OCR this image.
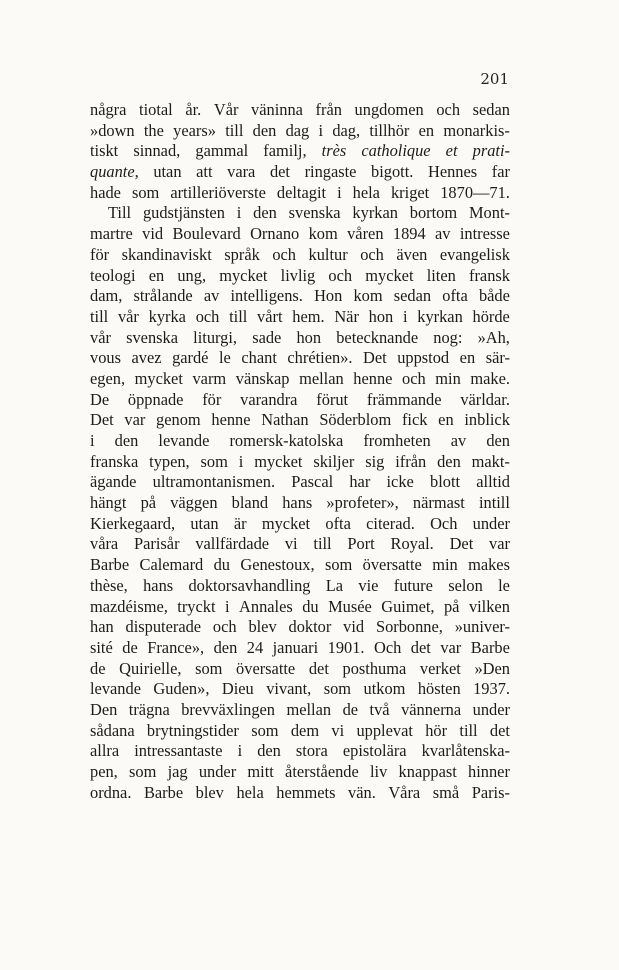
201
några tiotal år. Vår väninna från ungdomen och sedan
»down the years» till den dag i dag, tillhör en monarkis-
tiskt sinnad, gammal familj, très catholique et prati-
quante, utan att vara det ringaste bigott. Hennes far
hade som artilleriöverste deltagit i hela kriget 1870—71.
Till gudstjänsten i den svenska kyrkan bortom Mont-
martre vid Boulevard Ornano kom våren 1894 av intresse
för skandinaviskt språk och kultur och även evangelisk
teologi en ung, mycket livlig och mycket liten fransk
dam, strålande av intelligens. Hon kom sedan ofta både
till vår kyrka och till vårt hem. När hon i kyrkan hörde
vår svenska liturgi, sade hon betecknande nog: »Ah,
vous avez gardé le chant chrétien». Det uppstod en sär-
egen, mycket varm vänskap mellan henne och min make.
De öppnade för varandra förut främmande världar.
Det var genom henne Nathan Söderblom fick en inblick
i den levande romersk-katolska fromheten av den
franska typen, som i mycket skiljer sig ifrån den makt-
ägande ultramontanismen. Pascal har icke blott alltid
hängt på väggen bland hans »profeter», närmast intill
Kierkegaard, utan är mycket ofta citerad. Och under
våra Parisår vallfärdade vi till Port Royal. Det var
Barbe Calemard du Genestoux, som översatte min makes
thèse, hans doktorsavhandling La vie future selon le
mazdéisme, tryckt i Annales du Musée Guimet, på vilken
han disputerade och blev doktor vid Sorbonne, »univer-
sité de France», den 24 januari 1901. Och det var Barbe
de Quirielle, som översatte det posthuma verket »Den
levande Guden», Dieu vivant, som utkom hösten 1937.
Den trägna brevväxlingen mellan de två vännerna under
sådana brytningstider som dem vi upplevat hör till det
allra intressantaste i den stora epistolära kvarlåtenska-
pen, som jag under mitt återstående liv knappast hinner
ordna. Barbe blev hela hemmets vän. Våra små Paris-
